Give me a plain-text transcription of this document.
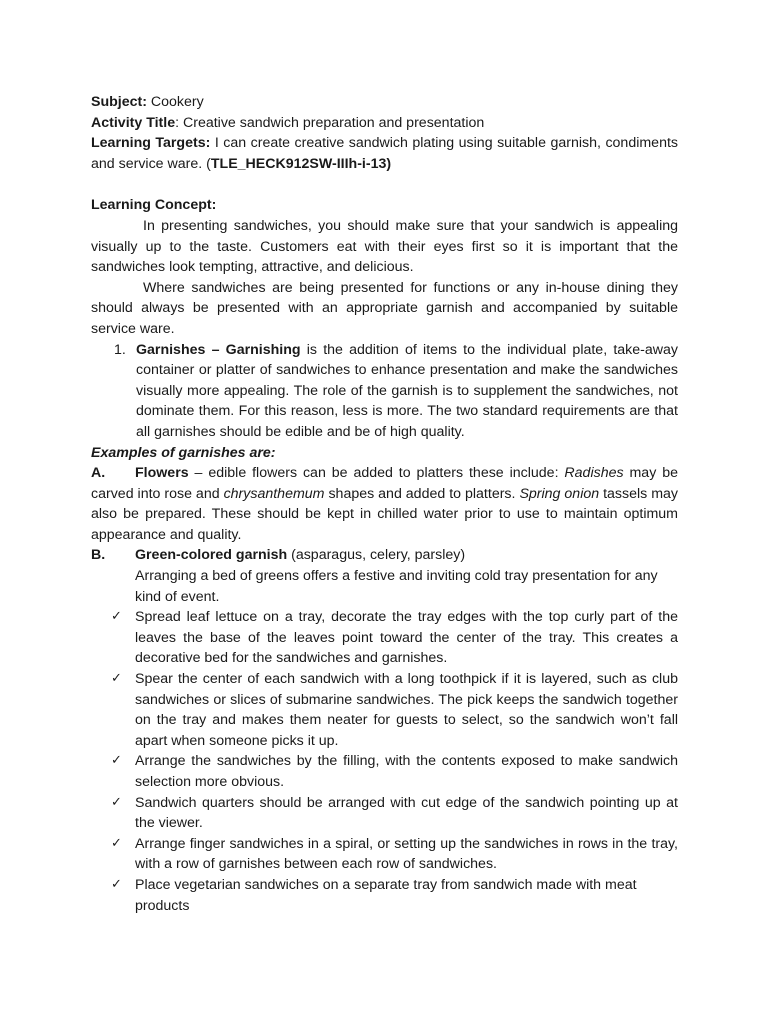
Subject: Cookery

Activity Title: Creative sandwich preparation and presentation

Learning Targets: I can create creative sandwich plating using suitable garnish, condiments and service ware. (TLE_HECK912SW-IIIh-i-13)

Learning Concept:

In presenting sandwiches, you should make sure that your sandwich is appealing visually up to the taste. Customers eat with their eyes first so it is important that the sandwiches look tempting, attractive, and delicious.

Where sandwiches are being presented for functions or any in-house dining they should always be presented with an appropriate garnish and accompanied by suitable service ware.

1. Garnishes – Garnishing is the addition of items to the individual plate, take-away container or platter of sandwiches to enhance presentation and make the sandwiches visually more appealing. The role of the garnish is to supplement the sandwiches, not dominate them. For this reason, less is more. The two standard requirements are that all garnishes should be edible and be of high quality.

Examples of garnishes are:

A. Flowers – edible flowers can be added to platters these include: Radishes may be carved into rose and chrysanthemum shapes and added to platters. Spring onion tassels may also be prepared. These should be kept in chilled water prior to use to maintain optimum appearance and quality.

B. Green-colored garnish (asparagus, celery, parsley)

Arranging a bed of greens offers a festive and inviting cold tray presentation for any kind of event.

✓ Spread leaf lettuce on a tray, decorate the tray edges with the top curly part of the leaves the base of the leaves point toward the center of the tray. This creates a decorative bed for the sandwiches and garnishes.

✓ Spear the center of each sandwich with a long toothpick if it is layered, such as club sandwiches or slices of submarine sandwiches. The pick keeps the sandwich together on the tray and makes them neater for guests to select, so the sandwich won’t fall apart when someone picks it up.

✓ Arrange the sandwiches by the filling, with the contents exposed to make sandwich selection more obvious.

✓ Sandwich quarters should be arranged with cut edge of the sandwich pointing up at the viewer.

✓ Arrange finger sandwiches in a spiral, or setting up the sandwiches in rows in the tray, with a row of garnishes between each row of sandwiches.

✓ Place vegetarian sandwiches on a separate tray from sandwich made with meat products
